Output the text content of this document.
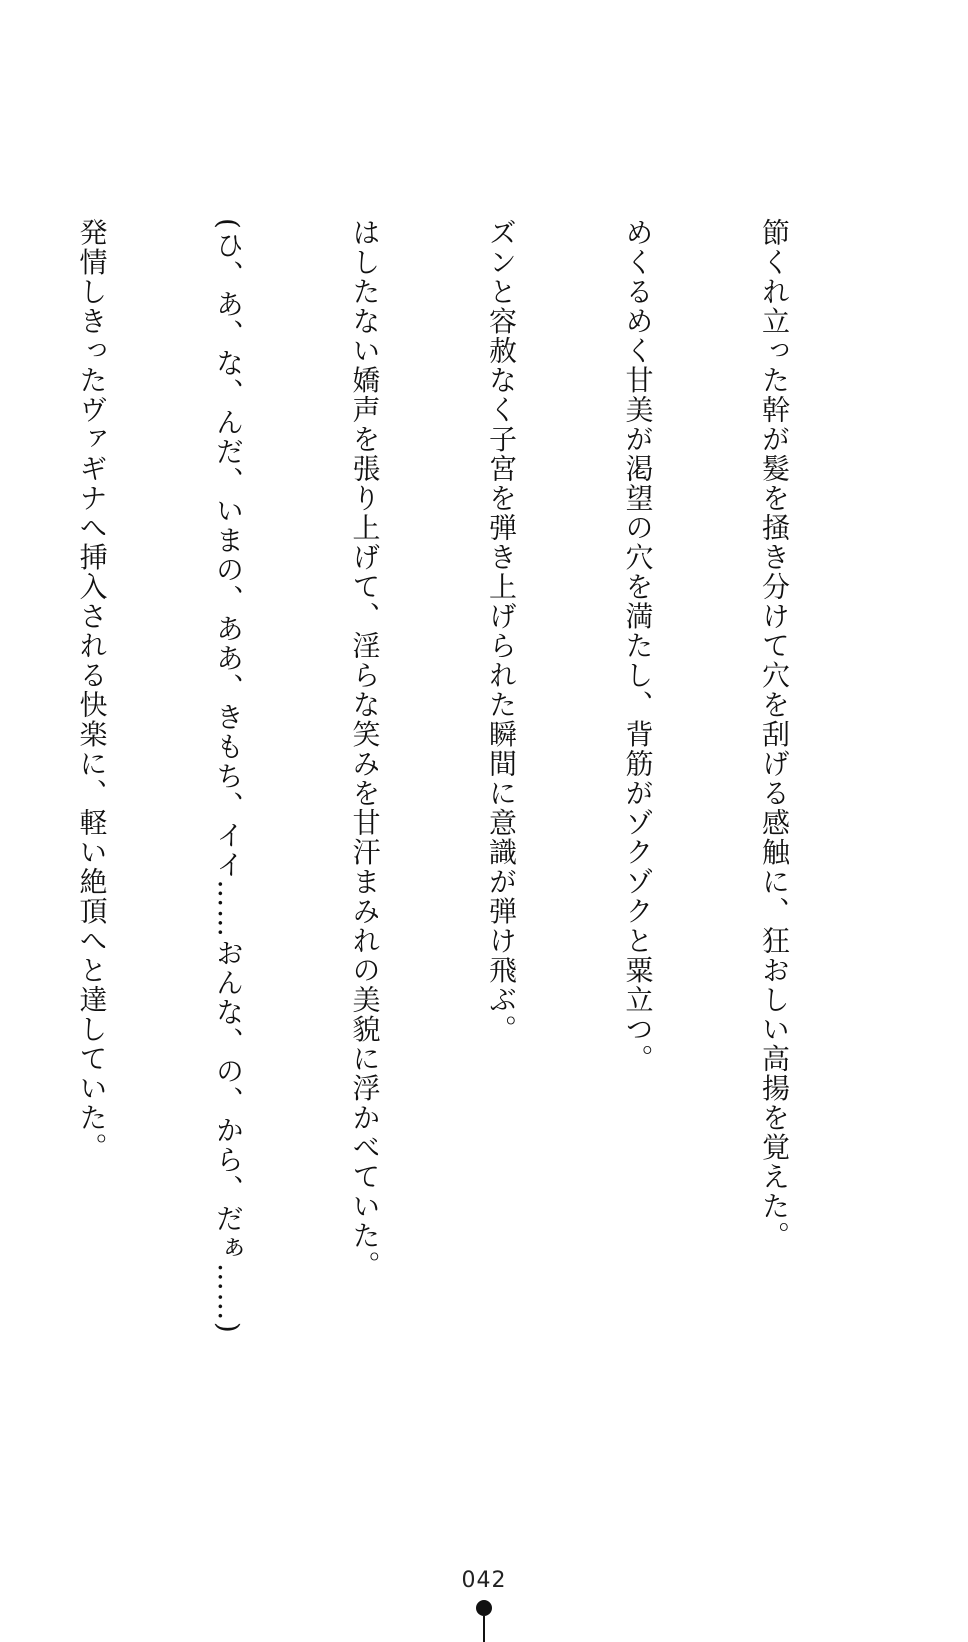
節くれ立った幹が髮を掻き分けて穴を刮げる感触に、狂おしい高揚を覚えた。

めくるめく甘美が渇望の穴を満たし、背筋がゾクゾクと粟立つ。

ズンと容赦なく子宮を弾き上げられた瞬間に意識が弾け飛ぶ。

はしたない嬌声を張り上げて、淫らな笑みを甘汗まみれの美貌に浮かべていた。

(ひ、あ、な、んだ、いまの、ああ、きもち、イイ……おんな、の、から、だぁ……)

発情しきったヴァギナへ挿入される快楽に、軽い絶頂へと達していた。

042
